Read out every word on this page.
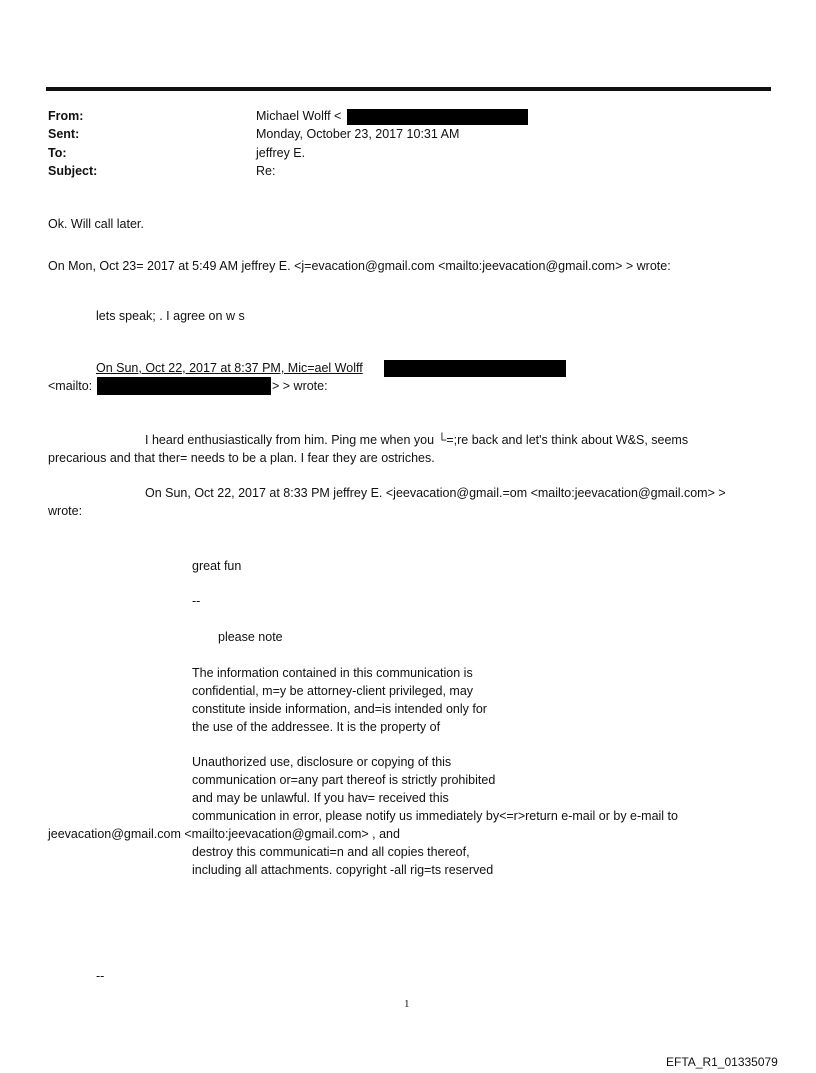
From:
Sent:
To:
Subject:
Michael Wolff <
Monday, October 23, 2017 10:31 AM
jeffrey E.
Re:
Ok. Will call later.
On Mon, Oct 23= 2017 at 5:49 AM jeffrey E. <j=evacation@gmail.com <mailto:jeevacation@gmail.com> > wrote:
lets speak; . I agree on w s
On Sun, Oct 22, 2017 at 8:37 PM, Mic=ael Wolff
<mailto:	> > wrote:
I heard enthusiastically from him. Ping me when you └=;re back and let's think about W&S, seems
precarious and that ther= needs to be a plan. I fear they are ostriches.
On Sun, Oct 22, 2017 at 8:33 PM jeffrey E. <jeevacation@gmail.=om <mailto:jeevacation@gmail.com> >
wrote:
great fun
--
please note
The information contained in this communication is
confidential, m=y be attorney-client privileged, may
constitute inside information, and=is intended only for
the use of the addressee. It is the property of
Unauthorized use, disclosure or copying of this
communication or=any part thereof is strictly prohibited
and may be unlawful. If you hav= received this
communication in error, please notify us immediately by<=r>return e-mail or by e-mail to
jeevacation@gmail.com <mailto:jeevacation@gmail.com> , and
destroy this communicati=n and all copies thereof,
including all attachments. copyright -all rig=ts reserved
--
1
EFTA_R1_01335079
